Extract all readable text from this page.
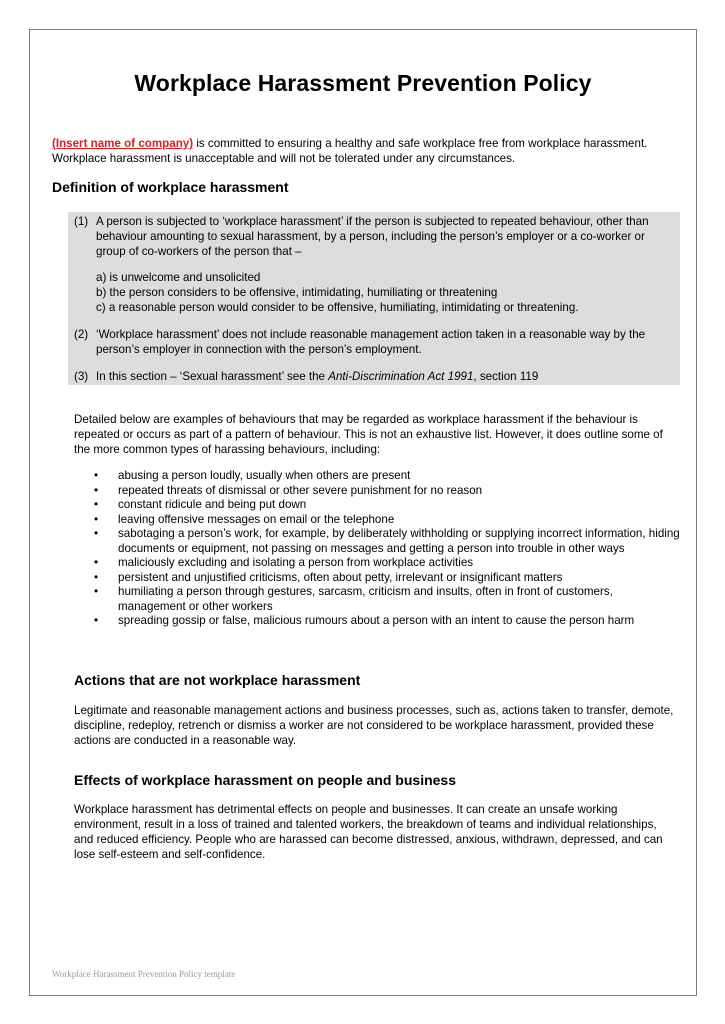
Workplace Harassment Prevention Policy

(Insert name of company) is committed to ensuring a healthy and safe workplace free from workplace harassment. Workplace harassment is unacceptable and will not be tolerated under any circumstances.

Definition of workplace harassment
(1) A person is subjected to ‘workplace harassment’ if the person is subjected to repeated behaviour, other than behaviour amounting to sexual harassment, by a person, including the person’s employer or a co-worker or group of co-workers of the person that –
a) is unwelcome and unsolicited
b) the person considers to be offensive, intimidating, humiliating or threatening
c) a reasonable person would consider to be offensive, humiliating, intimidating or threatening.
(2) ‘Workplace harassment’ does not include reasonable management action taken in a reasonable way by the person’s employer in connection with the person’s employment.
(3) In this section – ‘Sexual harassment’ see the Anti-Discrimination Act 1991, section 119

Detailed below are examples of behaviours that may be regarded as workplace harassment if the behaviour is repeated or occurs as part of a pattern of behaviour. This is not an exhaustive list. However, it does outline some of the more common types of harassing behaviours, including:

• abusing a person loudly, usually when others are present
• repeated threats of dismissal or other severe punishment for no reason
• constant ridicule and being put down
• leaving offensive messages on email or the telephone
• sabotaging a person’s work, for example, by deliberately withholding or supplying incorrect information, hiding documents or equipment, not passing on messages and getting a person into trouble in other ways
• maliciously excluding and isolating a person from workplace activities
• persistent and unjustified criticisms, often about petty, irrelevant or insignificant matters
• humiliating a person through gestures, sarcasm, criticism and insults, often in front of customers, management or other workers
• spreading gossip or false, malicious rumours about a person with an intent to cause the person harm
Actions that are not workplace harassment

Legitimate and reasonable management actions and business processes, such as, actions taken to transfer, demote, discipline, redeploy, retrench or dismiss a worker are not considered to be workplace harassment, provided these actions are conducted in a reasonable way.

Effects of workplace harassment on people and business

Workplace harassment has detrimental effects on people and businesses. It can create an unsafe working environment, result in a loss of trained and talented workers, the breakdown of teams and individual relationships, and reduced efficiency. People who are harassed can become distressed, anxious, withdrawn, depressed, and can lose self-esteem and self-confidence.

Workplace Harassment Prevention Policy template
